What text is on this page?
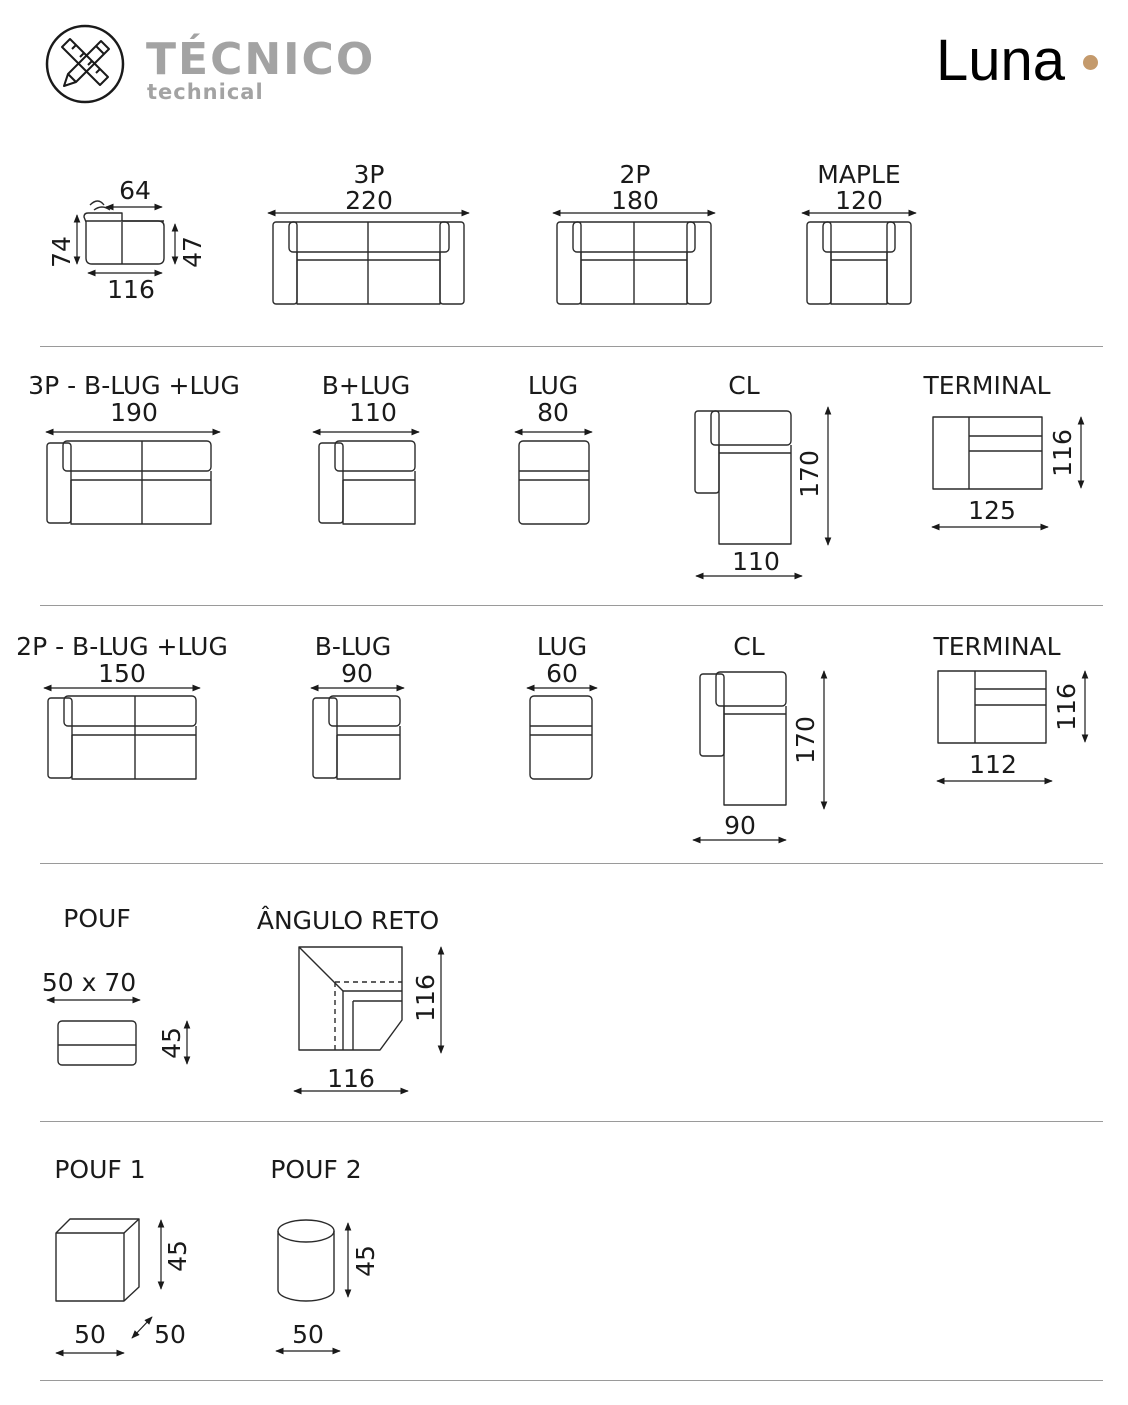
TÉCNICO
technical	Luna
64
116
74	47
3P
220
2P
180
MAPLE
120
3P - B-LUG +LUG
190
B+LUG
110
LUG
80
CL
170
110
TERMINAL
116
125
2P - B-LUG +LUG
150
B-LUG
90
LUG
60
CL
170
90
TERMINAL
116
112
POUF
50 x 70
45
ÂNGULO RETO
116
116
POUF 1
45
50 50
POUF 2
45
50
